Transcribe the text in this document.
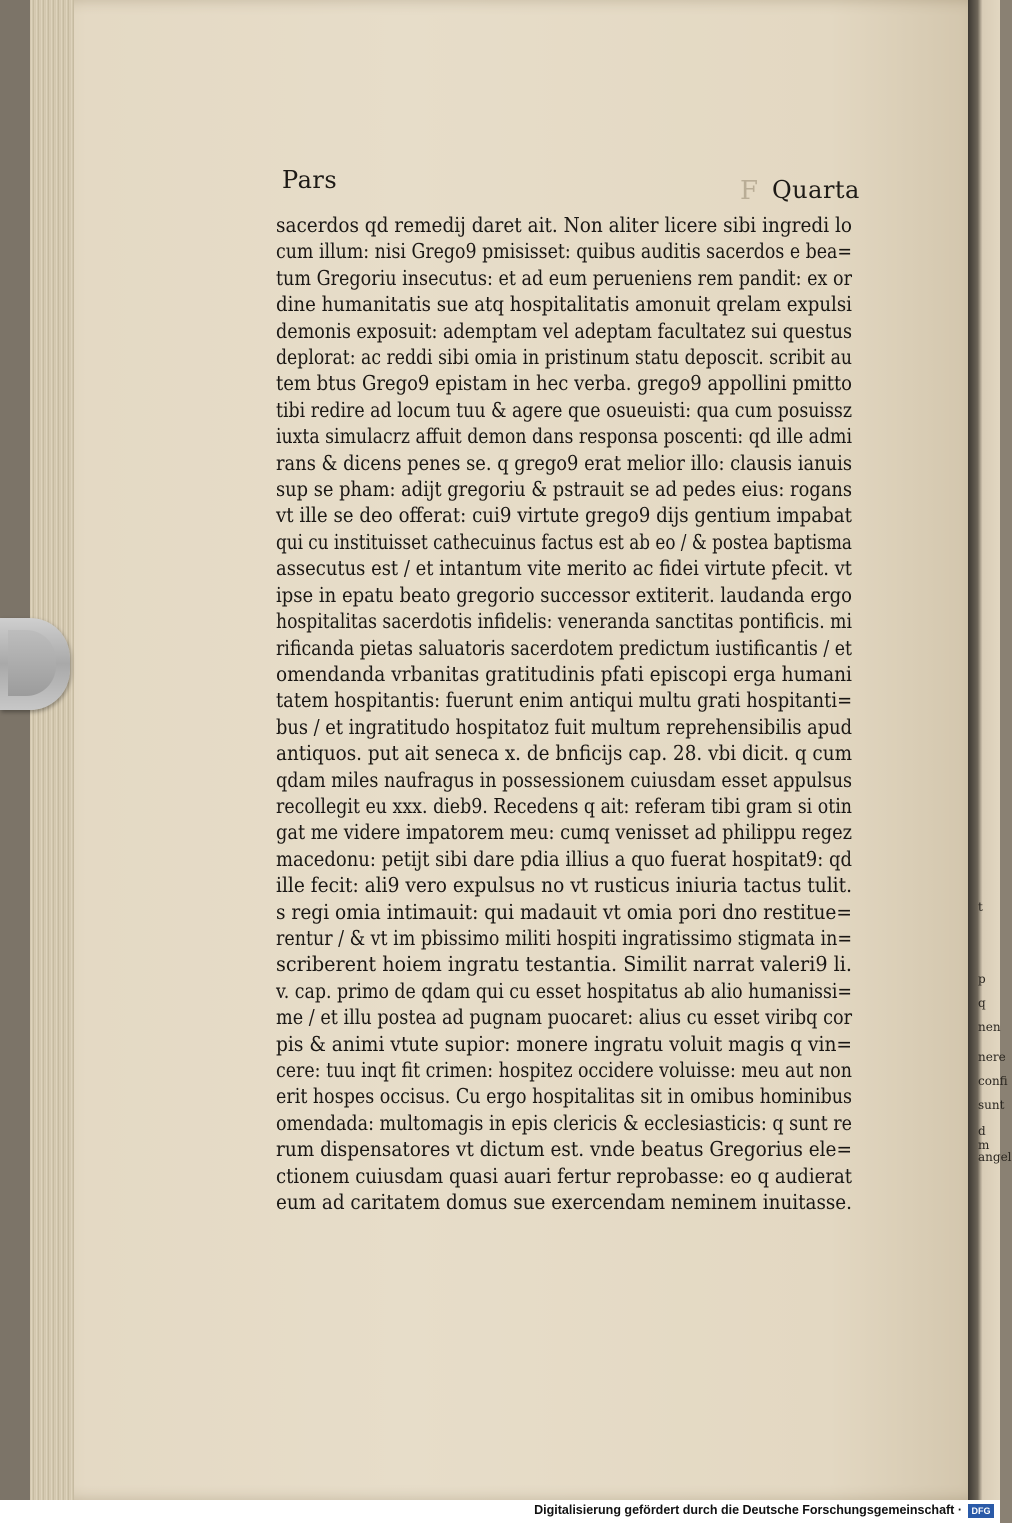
t
p
q
nen
nere
confi
sunt
d m
angel
F
Pars	Quarta
sacerdos qd remedij daret ait. Non aliter licere sibi ingredi lo
cum illum: nisi Grego9 pmisisset: quibus auditis sacerdos e bea=
tum Gregoriu insecutus: et ad eum perueniens rem pandit: ex or
dine humanitatis sue atq hospitalitatis amonuit qrelam expulsi
demonis exposuit: ademptam vel adeptam facultatez sui questus
deplorat: ac reddi sibi omia in pristinum statu deposcit. scribit au
tem btus Grego9 epistam in hec verba. grego9 appollini pmitto
tibi redire ad locum tuu & agere que osueuisti: qua cum posuissz
iuxta simulacrz affuit demon dans responsa poscenti: qd ille admi
rans & dicens penes se. q grego9 erat melior illo: clausis ianuis
sup se pham: adijt gregoriu & pstrauit se ad pedes eius: rogans
vt ille se deo offerat: cui9 virtute grego9 dijs gentium impabat
qui cu instituisset cathecuinus factus est ab eo / & postea baptisma
assecutus est / et intantum vite merito ac fidei virtute pfecit. vt
ipse in epatu beato gregorio successor extiterit. laudanda ergo
hospitalitas sacerdotis infidelis: veneranda sanctitas pontificis. mi
rificanda pietas saluatoris sacerdotem predictum iustificantis / et
omendanda vrbanitas gratitudinis pfati episcopi erga humani
tatem hospitantis: fuerunt enim antiqui multu grati hospitanti=
bus / et ingratitudo hospitatoz fuit multum reprehensibilis apud
antiquos. put ait seneca x. de bnficijs cap. 28. vbi dicit. q cum
qdam miles naufragus in possessionem cuiusdam esset appulsus
recollegit eu xxx. dieb9. Recedens q ait: referam tibi gram si otin
gat me videre impatorem meu: cumq venisset ad philippu regez
macedonu: petijt sibi dare pdia illius a quo fuerat hospitat9: qd
ille fecit: ali9 vero expulsus no vt rusticus iniuria tactus tulit.
s regi omia intimauit: qui madauit vt omia pori dno restitue=
rentur / & vt im pbissimo militi hospiti ingratissimo stigmata in=
scriberent hoiem ingratu testantia. Similit narrat valeri9 li.
v. cap. primo de qdam qui cu esset hospitatus ab alio humanissi=
me / et illu postea ad pugnam puocaret: alius cu esset viribq cor
pis & animi vtute supior: monere ingratu voluit magis q vin=
cere: tuu inqt fit crimen: hospitez occidere voluisse: meu aut non
erit hospes occisus. Cu ergo hospitalitas sit in omibus hominibus
omendada: multomagis in epis clericis & ecclesiasticis: q sunt re
rum dispensatores vt dictum est. vnde beatus Gregorius ele=
ctionem cuiusdam quasi auari fertur reprobasse: eo q audierat
eum ad caritatem domus sue exercendam neminem inuitasse.
Digitalisierung gefördert durch die Deutsche Forschungsgemeinschaft ·	DFG
